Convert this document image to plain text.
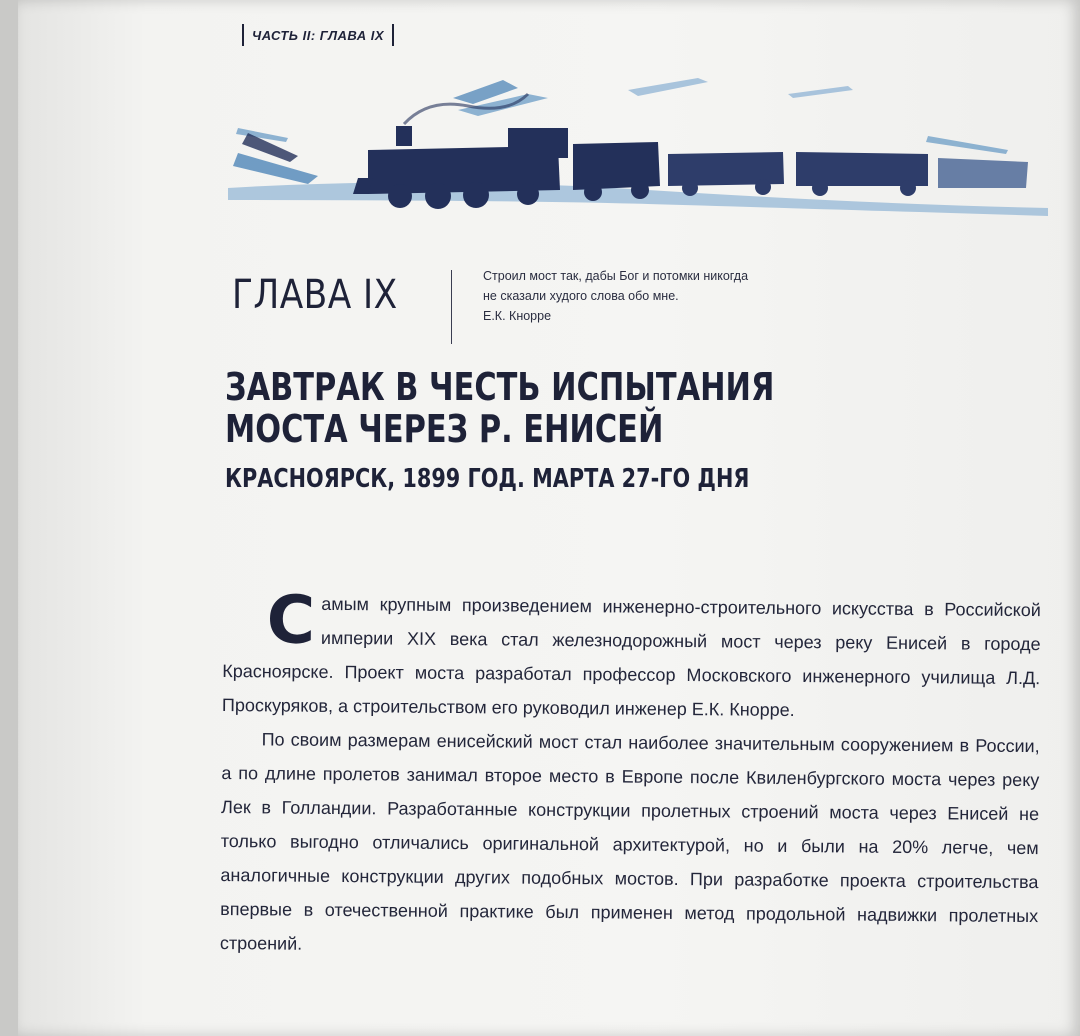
ЧАСТЬ II: ГЛАВА IX
ГЛАВА IX	Строил мост так, дабы Бог и потомки никогда

не сказали худого слова обо мне.

Е.К. Кнорре

ЗАВТРАК В ЧЕСТЬ ИСПЫТАНИЯ
МОСТА ЧЕРЕЗ Р. ЕНИСЕЙ
КРАСНОЯРСК, 1899 ГОД. МАРТА 27-ГО ДНЯ

Самым крупным произведением инженерно-строительного искусства в Российской империи XIX века стал железнодорожный мост через реку Енисей в городе Красноярске. Проект моста разработал профессор Московского инженерного училища Л.Д. Проскуряков, а строительством его руководил инженер Е.К. Кнорре.

По своим размерам енисейский мост стал наиболее значительным сооружением в России, а по длине пролетов занимал второе место в Европе после Квиленбургского моста через реку Лек в Голландии. Разработанные конструкции пролетных строений моста через Енисей не только выгодно отличались оригинальной архитектурой, но и были на 20% легче, чем аналогичные конструкции других подобных мостов. При разработке проекта строительства впервые в отечественной практике был применен метод продольной надвижки пролетных строений.
